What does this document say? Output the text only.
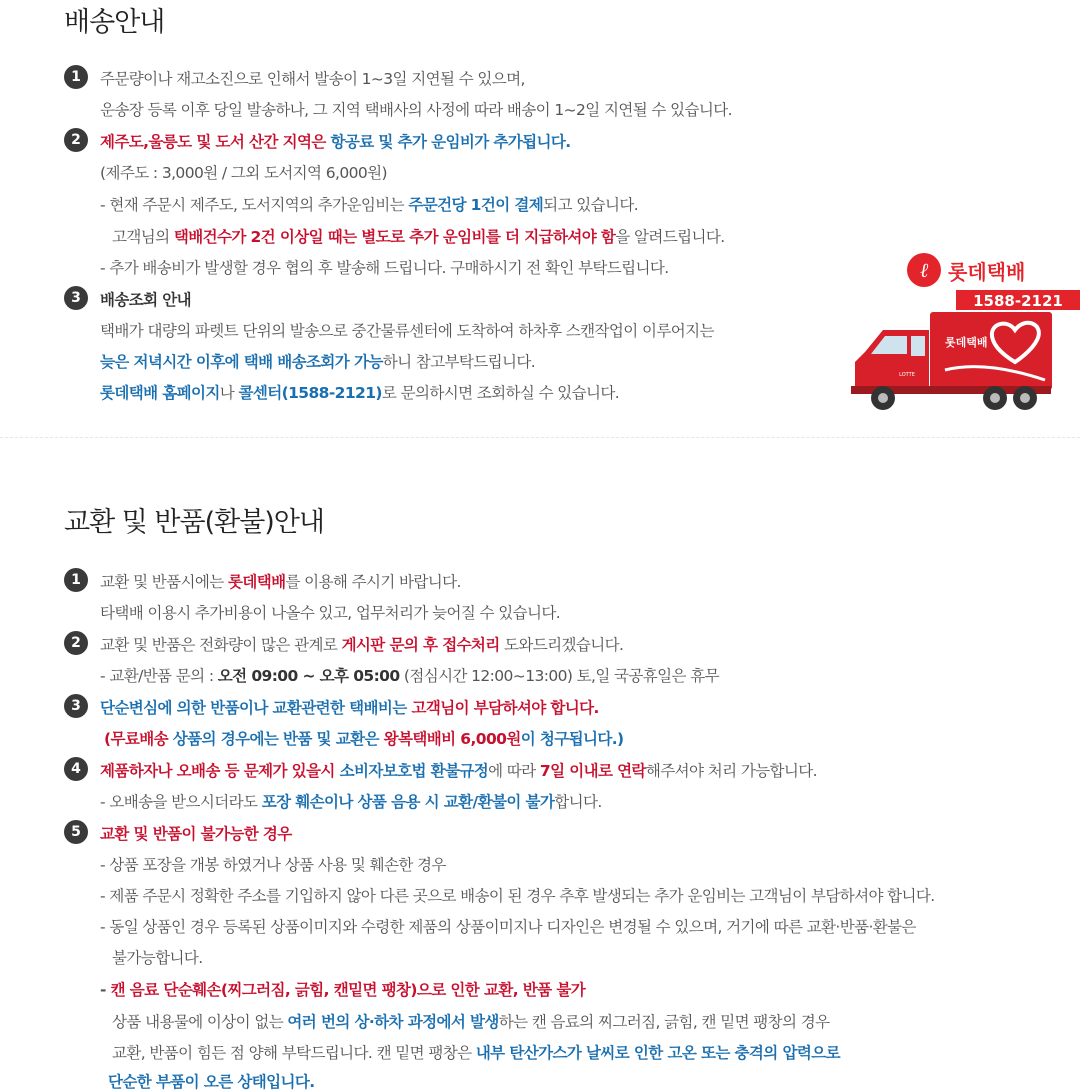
배송안내
1	주문량이나 재고소진으로 인해서 발송이 1~3일 지연될 수 있으며,
운송장 등록 이후 당일 발송하나, 그 지역 택배사의 사정에 따라 배송이 1~2일 지연될 수 있습니다.
2	제주도,울릉도 및 도서 산간 지역은 항공료 및 추가 운임비가 추가됩니다.
(제주도 : 3,000원 / 그외 도서지역 6,000원)
- 현재 주문시 제주도, 도서지역의 추가운임비는 주문건당 1건이 결제되고 있습니다.
고객님의 택배건수가 2건 이상일 때는 별도로 추가 운임비를 더 지급하셔야 함을 알려드립니다.
- 추가 배송비가 발생할 경우 협의 후 발송해 드립니다. 구매하시기 전 확인 부탁드립니다.
3	배송조회 안내
택배가 대량의 파렛트 단위의 발송으로 중간물류센터에 도착하여 하차후 스캔작업이 이루어지는
늦은 저녁시간 이후에 택배 배송조회가 가능하니 참고부탁드립니다.
롯데택배 홈페이지나 콜센터(1588-2121)로 문의하시면 조회하실 수 있습니다.
ℓ 롯데택배
1588-2121
롯데택배
LOTTE
교환 및 반품(환불)안내
1	교환 및 반품시에는 롯데택배를 이용해 주시기 바랍니다.
타택배 이용시 추가비용이 나올수 있고, 업무처리가 늦어질 수 있습니다.
2	교환 및 반품은 전화량이 많은 관계로 게시판 문의 후 접수처리 도와드리겠습니다.
- 교환/반품 문의 : 오전 09:00 ~ 오후 05:00 (점심시간 12:00~13:00) 토,일 국공휴일은 휴무
3	단순변심에 의한 반품이나 교환관련한 택배비는 고객님이 부담하셔야 합니다.
(무료배송 상품의 경우에는 반품 및 교환은 왕복택배비 6,000원이 청구됩니다.)
4	제품하자나 오배송 등 문제가 있을시 소비자보호법 환불규정에 따라 7일 이내로 연락해주셔야 처리 가능합니다.
- 오배송을 받으시더라도 포장 훼손이나 상품 음용 시 교환/환불이 불가합니다.
5	교환 및 반품이 불가능한 경우
- 상품 포장을 개봉 하였거나 상품 사용 및 훼손한 경우
- 제품 주문시 정확한 주소를 기입하지 않아 다른 곳으로 배송이 된 경우 추후 발생되는 추가 운임비는 고객님이 부담하셔야 합니다.
- 동일 상품인 경우 등록된 상품이미지와 수령한 제품의 상품이미지나 디자인은 변경될 수 있으며, 거기에 따른 교환·반품·환불은
불가능합니다.
- 캔 음료 단순훼손(찌그러짐, 긁힘, 캔밑면 팽창)으로 인한 교환, 반품 불가
상품 내용물에 이상이 없는 여러 번의 상·하차 과정에서 발생하는 캔 음료의 찌그러짐, 긁힘, 캔 밑면 팽창의 경우
교환, 반품이 힘든 점 양해 부탁드립니다. 캔 밑면 팽창은 내부 탄산가스가 날씨로 인한 고온 또는 충격의 압력으로
단순한 부품이 오른 상태입니다.
